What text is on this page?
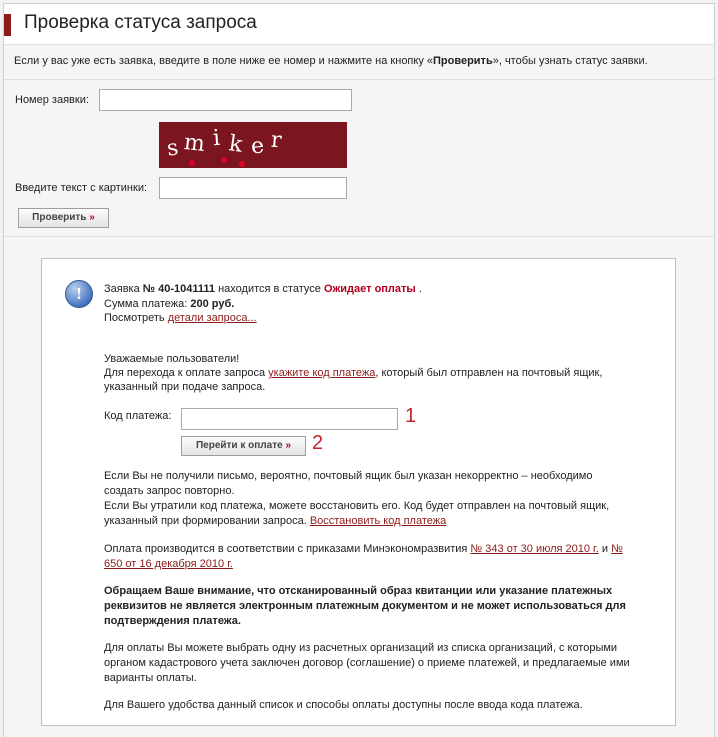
Проверка статуса запроса
Если у вас уже есть заявка, введите в поле ниже ее номер и нажмите на кнопку «Проверить», чтобы узнать статус заявки.
Номер заявки:
s m i k e r
Введите текст с картинки:
Проверить »
!	Заявка № 40-1041111 находится в статусе Ожидает оплаты .
Сумма платежа: 200 руб.
Посмотреть детали запроса...
Уважаемые пользователи!
Для перехода к оплате запроса укажите код платежа, который был отправлен на почтовый ящик,
указанный при подаче запроса.
Код платежа:	1
Перейти к оплате »	2
Если Вы не получили письмо, вероятно, почтовый ящик был указан некорректно – необходимо
создать запрос повторно.
Если Вы утратили код платежа, можете восстановить его. Код будет отправлен на почтовый ящик,
указанный при формировании запроса. Восстановить код платежа
Оплата производится в соответствии с приказами Минэкономразвития № 343 от 30 июля 2010 г. и №
650 от 16 декабря 2010 г.
Обращаем Ваше внимание, что отсканированный образ квитанции или указание платежных
реквизитов не является электронным платежным документом и не может использоваться для
подтверждения платежа.
Для оплаты Вы можете выбрать одну из расчетных организаций из списка организаций, с которыми
органом кадастрового учета заключен договор (соглашение) о приеме платежей, и предлагаемые ими
варианты оплаты.
Для Вашего удобства данный список и способы оплаты доступны после ввода кода платежа.
